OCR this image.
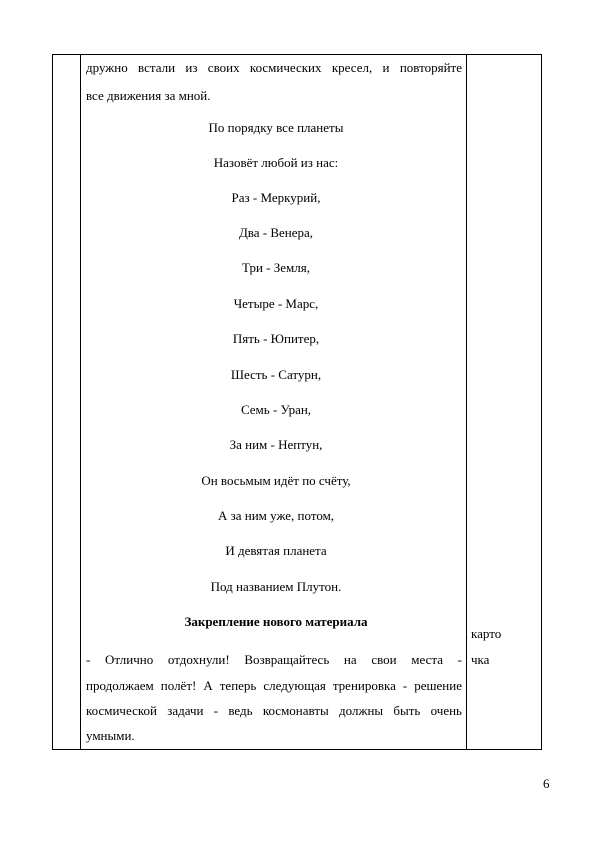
дружно встали из своих космических кресел, и повторяйте
все движения за мной.
По порядку все планеты
Назовёт любой из нас:
Раз - Меркурий,
Два - Венера,
Три - Земля,
Четыре - Марс,
Пять - Юпитер,
Шесть - Сатурн,
Семь - Уран,
За ним - Нептун,
Он восьмым идёт по счёту,
А за ним уже, потом,
И девятая планета
Под названием Плутон.
Закрепление нового материала
- Отлично отдохнули! Возвращайтесь на свои места -
продолжаем полёт! А теперь следующая тренировка - решение
космической задачи - ведь космонавты должны быть очень
умными.
карто
чка
6
